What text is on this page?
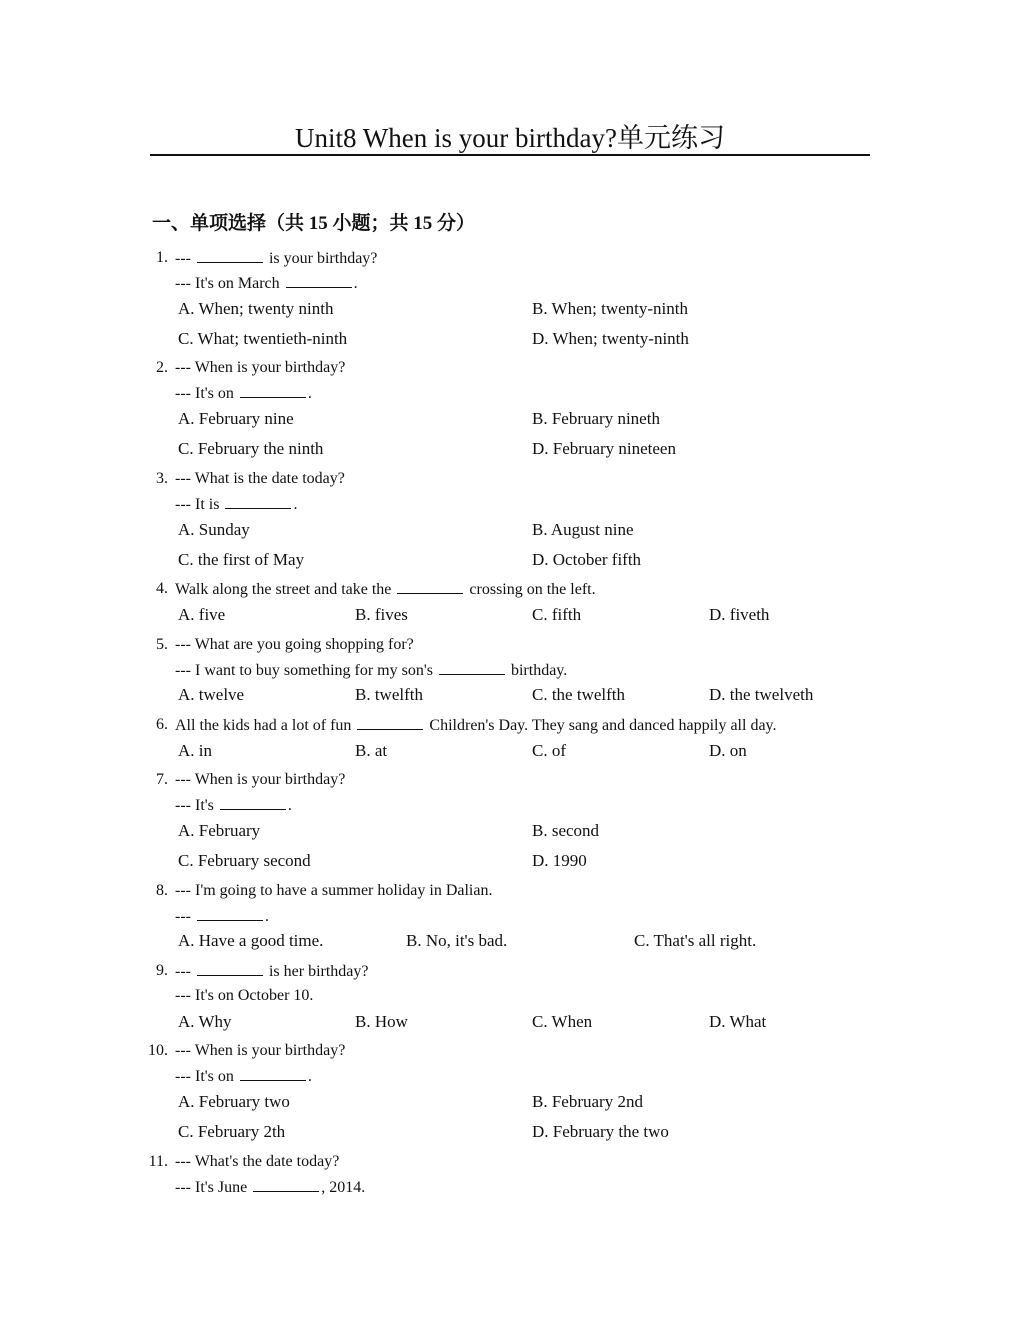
Unit8 When is your birthday?单元练习
一、单项选择（共 15 小题；共 15 分）
1. ---	is your birthday?
--- It's on March	.
A. When; twenty ninth	B. When; twenty-ninth
C. What; twentieth-ninth	D. When; twenty-ninth
2. --- When is your birthday?
--- It's on	.
A. February nine	B. February nineth
C. February the ninth	D. February nineteen
3. --- What is the date today?
--- It is	.
A. Sunday	B. August nine
C. the first of May	D. October fifth
4. Walk along the street and take the	crossing on the left.
A. five	B. fives	C. fifth	D. fiveth
5. --- What are you going shopping for?
--- I want to buy something for my son's	birthday.
A. twelve	B. twelfth	C. the twelfth	D. the twelveth
6. All the kids had a lot of fun	Children's Day. They sang and danced happily all day.
A. in	B. at	C. of	D. on
7. --- When is your birthday?
--- It's	.
A. February	B. second
C. February second	D. 1990
8. --- I'm going to have a summer holiday in Dalian.
---	.
A. Have a good time.	B. No, it's bad.	C. That's all right.
9. ---	is her birthday?
--- It's on October 10.
A. Why	B. How	C. When	D. What
10. --- When is your birthday?
--- It's on	.
A. February two	B. February 2nd
C. February 2th	D. February the two
11. --- What's the date today?
--- It's June	, 2014.
